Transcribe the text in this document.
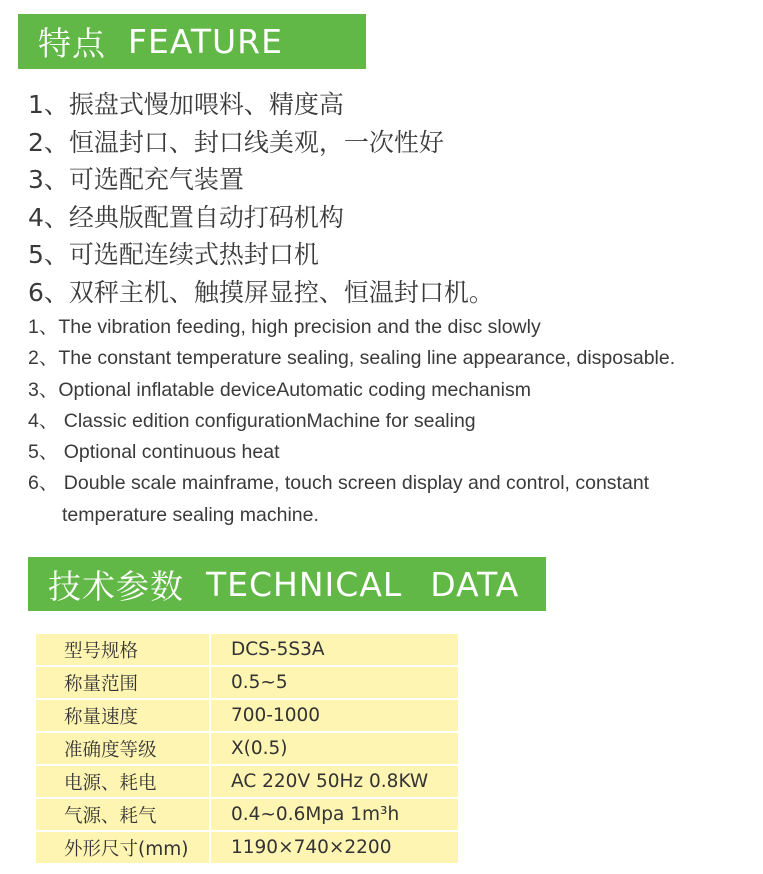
特点 FEATURE
1、振盘式慢加喂料、精度高
2、恒温封口、封口线美观，一次性好
3、可选配充气装置
4、经典版配置自动打码机构
5、可选配连续式热封口机
6、双秤主机、触摸屏显控、恒温封口机。
1、The vibration feeding, high precision and the disc slowly
2、The constant temperature sealing, sealing line appearance, disposable.
3、Optional inflatable deviceAutomatic coding mechanism
4、 Classic edition configurationMachine for sealing
5、 Optional continuous heat
6、 Double scale mainframe, touch screen display and control, constant
temperature sealing machine.
技术参数 TECHNICAL DATA
型号规格	DCS-5S3A
称量范围	0.5~5
称量速度	700-1000
准确度等级	X(0.5)
电源、耗电	AC 220V 50Hz 0.8KW
气源、耗气	0.4~0.6Mpa 1m³h
外形尺寸(mm)	1190×740×2200
